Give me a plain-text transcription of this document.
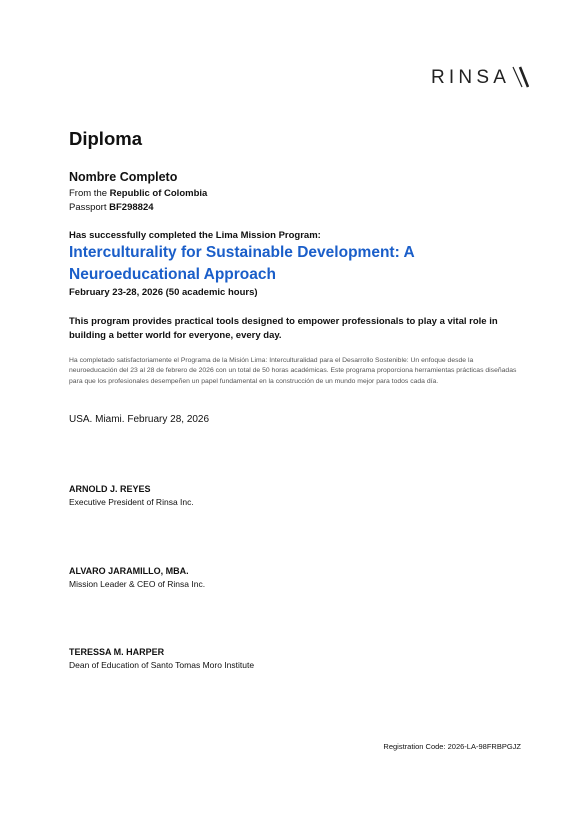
RINSA
Diploma
Nombre Completo
From the Republic of Colombia
Passport BF298824
Has successfully completed the Lima Mission Program:
Interculturality for Sustainable Development: A Neuroeducational Approach
February 23-28, 2026 (50 academic hours)
This program provides practical tools designed to empower professionals to play a vital role in building a better world for everyone, every day.
Ha completado satisfactoriamente el Programa de la Misión Lima: Interculturalidad para el Desarrollo Sostenible: Un enfoque desde la neuroeducación del 23 al 28 de febrero de 2026 con un total de 50 horas académicas. Este programa proporciona herramientas prácticas diseñadas para que los profesionales desempeñen un papel fundamental en la construcción de un mundo mejor para todos cada día.
USA. Miami. February 28, 2026
ARNOLD J. REYES
Executive President of Rinsa Inc.
ALVARO JARAMILLO, MBA.
Mission Leader & CEO of Rinsa Inc.
TERESSA M. HARPER
Dean of Education of Santo Tomas Moro Institute
Registration Code: 2026-LA-98FRBPGJZ
